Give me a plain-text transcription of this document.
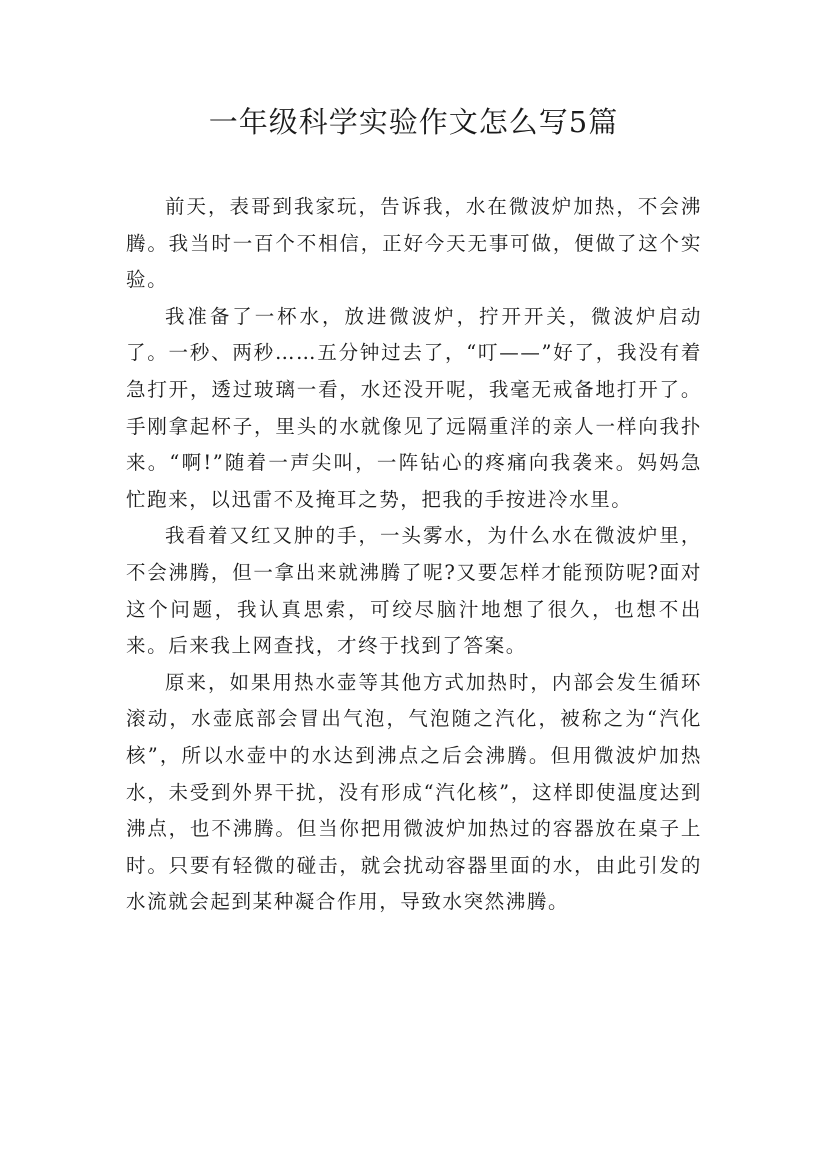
一年级科学实验作文怎么写5篇

前天，表哥到我家玩，告诉我，水在微波炉加热，不会沸腾。我当时一百个不相信，正好今天无事可做，便做了这个实验。

我准备了一杯水，放进微波炉，拧开开关，微波炉启动了。一秒、两秒……五分钟过去了，“叮——”好了，我没有着急打开，透过玻璃一看，水还没开呢，我毫无戒备地打开了。手刚拿起杯子，里头的水就像见了远隔重洋的亲人一样向我扑来。“啊!”随着一声尖叫，一阵钻心的疼痛向我袭来。妈妈急忙跑来，以迅雷不及掩耳之势，把我的手按进冷水里。

我看着又红又肿的手，一头雾水，为什么水在微波炉里，不会沸腾，但一拿出来就沸腾了呢?又要怎样才能预防呢?面对这个问题，我认真思索，可绞尽脑汁地想了很久，也想不出来。后来我上网查找，才终于找到了答案。

原来，如果用热水壶等其他方式加热时，内部会发生循环滚动，水壶底部会冒出气泡，气泡随之汽化，被称之为“汽化核”，所以水壶中的水达到沸点之后会沸腾。但用微波炉加热水，未受到外界干扰，没有形成“汽化核”，这样即使温度达到沸点，也不沸腾。但当你把用微波炉加热过的容器放在桌子上时。只要有轻微的碰击，就会扰动容器里面的水，由此引发的水流就会起到某种凝合作用，导致水突然沸腾。
